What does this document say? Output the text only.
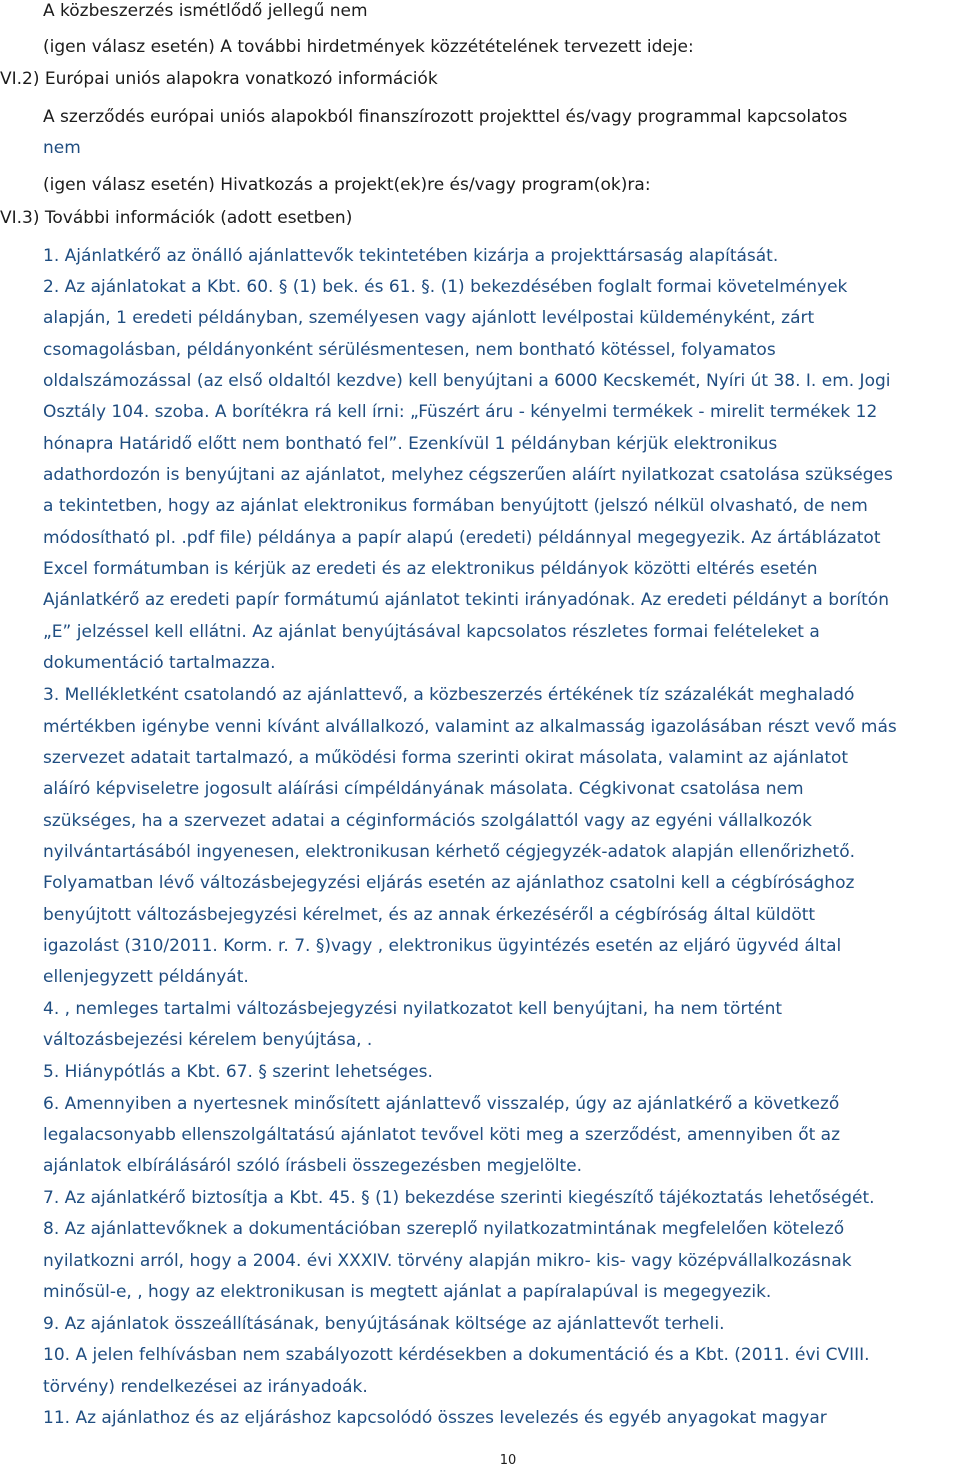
A közbeszerzés ismétlődő jellegű nem
(igen válasz esetén) A további hirdetmények közzétételének tervezett ideje:
VI.2) Európai uniós alapokra vonatkozó információk
A szerződés európai uniós alapokból finanszírozott projekttel és/vagy programmal kapcsolatos
nem
(igen válasz esetén) Hivatkozás a projekt(ek)re és/vagy program(ok)ra:
VI.3) További információk (adott esetben)
1. Ajánlatkérő az önálló ajánlattevők tekintetében kizárja a projekttársaság alapítását.
2. Az ajánlatokat a Kbt. 60. § (1) bek. és 61. §. (1) bekezdésében foglalt formai követelmények
alapján, 1 eredeti példányban, személyesen vagy ajánlott levélpostai küldeményként, zárt
csomagolásban, példányonként sérülésmentesen, nem bontható kötéssel, folyamatos
oldalszámozással (az első oldaltól kezdve) kell benyújtani a 6000 Kecskemét, Nyíri út 38. I. em. Jogi
Osztály 104. szoba. A borítékra rá kell írni: „Füszért áru - kényelmi termékek - mirelit termékek 12
hónapra Határidő előtt nem bontható fel”. Ezenkívül 1 példányban kérjük elektronikus
adathordozón is benyújtani az ajánlatot, melyhez cégszerűen aláírt nyilatkozat csatolása szükséges
a tekintetben, hogy az ajánlat elektronikus formában benyújtott (jelszó nélkül olvasható, de nem
módosítható pl. .pdf file) példánya a papír alapú (eredeti) példánnyal megegyezik. Az ártáblázatot
Excel formátumban is kérjük az eredeti és az elektronikus példányok közötti eltérés esetén
Ajánlatkérő az eredeti papír formátumú ajánlatot tekinti irányadónak. Az eredeti példányt a borítón
„E” jelzéssel kell ellátni. Az ajánlat benyújtásával kapcsolatos részletes formai felételeket a
dokumentáció tartalmazza.
3. Mellékletként csatolandó az ajánlattevő, a közbeszerzés értékének tíz százalékát meghaladó
mértékben igénybe venni kívánt alvállalkozó, valamint az alkalmasság igazolásában részt vevő más
szervezet adatait tartalmazó, a működési forma szerinti okirat másolata, valamint az ajánlatot
aláíró képviseletre jogosult aláírási címpéldányának másolata. Cégkivonat csatolása nem
szükséges, ha a szervezet adatai a céginformációs szolgálattól vagy az egyéni vállalkozók
nyilvántartásából ingyenesen, elektronikusan kérhető cégjegyzék-adatok alapján ellenőrizhető.
Folyamatban lévő változásbejegyzési eljárás esetén az ajánlathoz csatolni kell a cégbírósághoz
benyújtott változásbejegyzési kérelmet, és az annak érkezéséről a cégbíróság által küldött
igazolást (310/2011. Korm. r. 7. §)vagy , elektronikus ügyintézés esetén az eljáró ügyvéd által
ellenjegyzett példányát.
4. , nemleges tartalmi változásbejegyzési nyilatkozatot kell benyújtani, ha nem történt
változásbejezési kérelem benyújtása, .
5. Hiánypótlás a Kbt. 67. § szerint lehetséges.
6. Amennyiben a nyertesnek minősített ajánlattevő visszalép, úgy az ajánlatkérő a következő
legalacsonyabb ellenszolgáltatású ajánlatot tevővel köti meg a szerződést, amennyiben őt az
ajánlatok elbírálásáról szóló írásbeli összegezésben megjelölte.
7. Az ajánlatkérő biztosítja a Kbt. 45. § (1) bekezdése szerinti kiegészítő tájékoztatás lehetőségét.
8. Az ajánlattevőknek a dokumentációban szereplő nyilatkozatmintának megfelelően kötelező
nyilatkozni arról, hogy a 2004. évi XXXIV. törvény alapján mikro- kis- vagy középvállalkozásnak
minősül-e, , hogy az elektronikusan is megtett ajánlat a papíralapúval is megegyezik.
9. Az ajánlatok összeállításának, benyújtásának költsége az ajánlattevőt terheli.
10. A jelen felhívásban nem szabályozott kérdésekben a dokumentáció és a Kbt. (2011. évi CVIII.
törvény) rendelkezései az irányadoák.
11. Az ajánlathoz és az eljáráshoz kapcsolódó összes levelezés és egyéb anyagokat magyar
10
